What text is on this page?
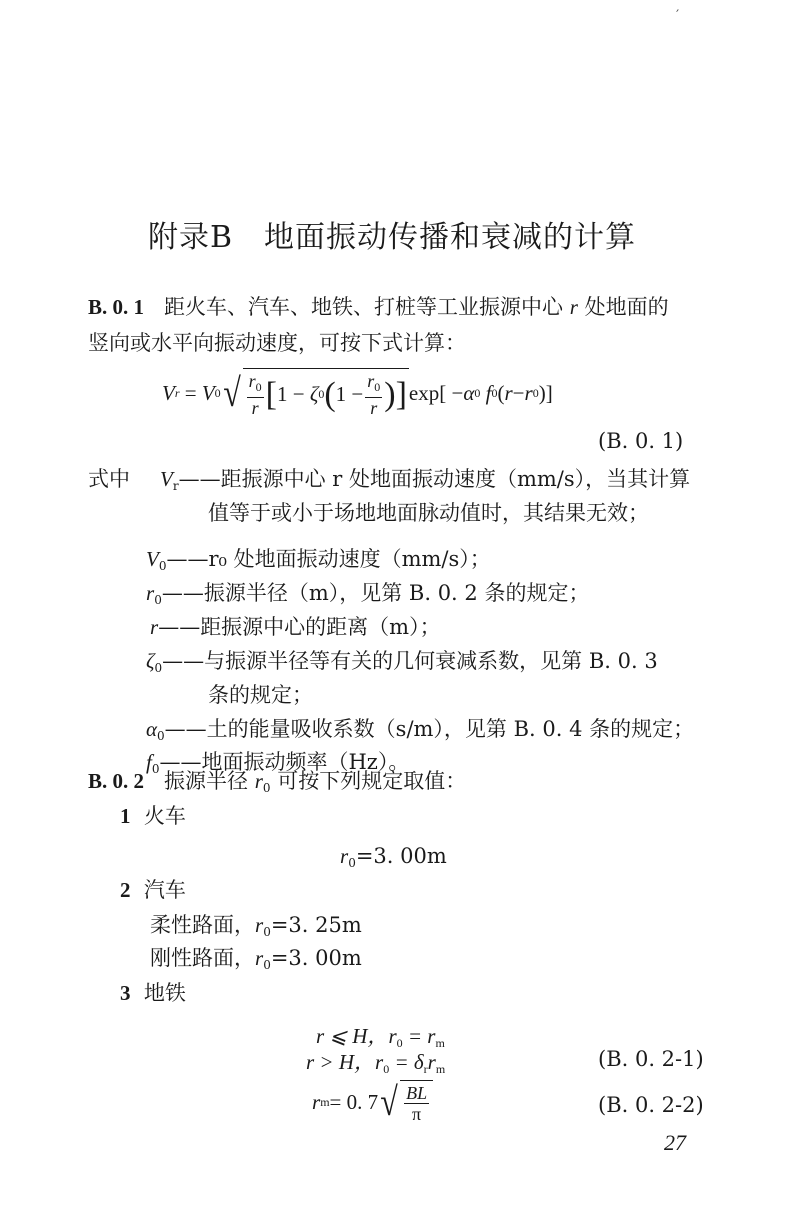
′
附录B　地面振动传播和衰减的计算
B. 0. 1 距火车、汽车、地铁、打桩等工业振源中心 r 处地面的
竖向或水平向振动速度，可按下式计算：
V r
=
V 0 √ $\frac{r_0}{r}$ [ 1 −
ζ 0 ( $1 - \frac{r_0}{r}$ ) ] exp [ − α 0
f 0 ( r − r 0 ) ]
(B. 0. 1)
式中 $V_r——$距振源中心 r 处地面振动速度（mm/s），当其计算
值等于或小于场地地面脉动值时，其结果无效；
$V_0——r_0$ 处地面振动速度（mm/s）；
$r_0——$振源半径（m），见第 B. 0. 2 条的规定；
r——距振源中心的距离（m）；
$\zeta_0——$与振源半径等有关的几何衰减系数，见第 B. 0. 3
条的规定；
$\alpha_0——$土的能量吸收系数（s/m），见第 B. 0. 4 条的规定；
$f_0——$地面振动频率（Hz）。
B. 0. 2 振源半径 $r_0$ 可按下列规定取值：
1 火车
$r_0=3$. 00m
2 汽车
柔性路面，$r_0=3$. 25m
刚性路面，$r_0=3$. 00m
3 地铁
r ⩽ H，$r_0 = r_m$
r > H，$r_0 = \delta_rr_m$	(B. 0. 2-1)
r m = 0. 7 √ $\frac{BL}{\pi}$	(B. 0. 2-2)
27
